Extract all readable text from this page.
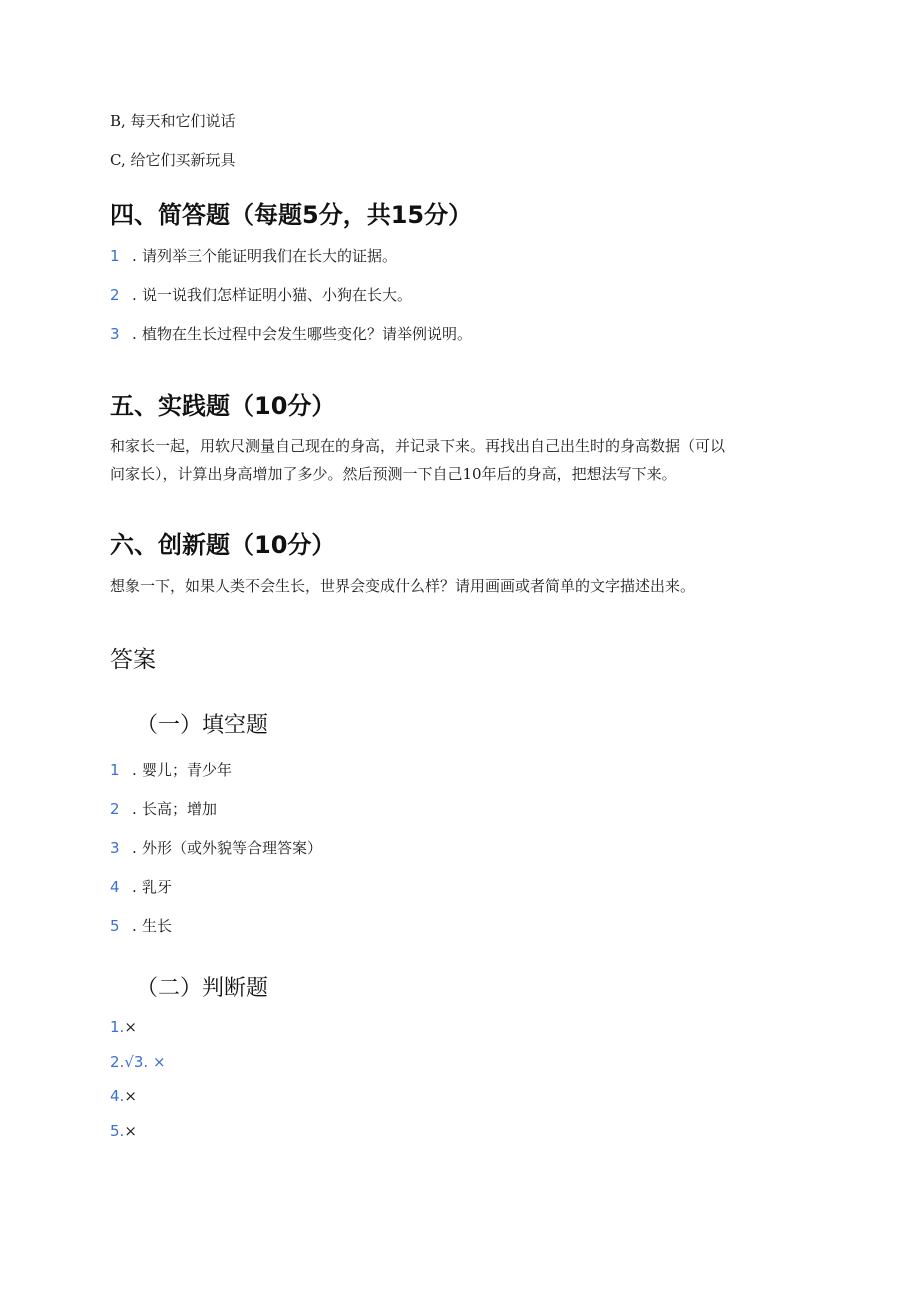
B, 每天和它们说话
C, 给它们买新玩具
四、简答题（每题5分，共15分）
1 . 请列举三个能证明我们在长大的证据。
2 . 说一说我们怎样证明小猫、小狗在长大。
3 . 植物在生长过程中会发生哪些变化？请举例说明。
五、实践题（10分）
和家长一起，用软尺测量自己现在的身高，并记录下来。再找出自己出生时的身高数据（可以
问家长），计算出身高增加了多少。然后预测一下自己10年后的身高，把想法写下来。
六、创新题（10分）
想象一下，如果人类不会生长，世界会变成什么样？请用画画或者简单的文字描述出来。
答案
（一）填空题
1 . 婴儿；青少年
2 . 长高；增加
3 . 外形（或外貌等合理答案）
4 . 乳牙
5 . 生长
（二）判断题
1.×
2.√3. ×
4.×
5.×
